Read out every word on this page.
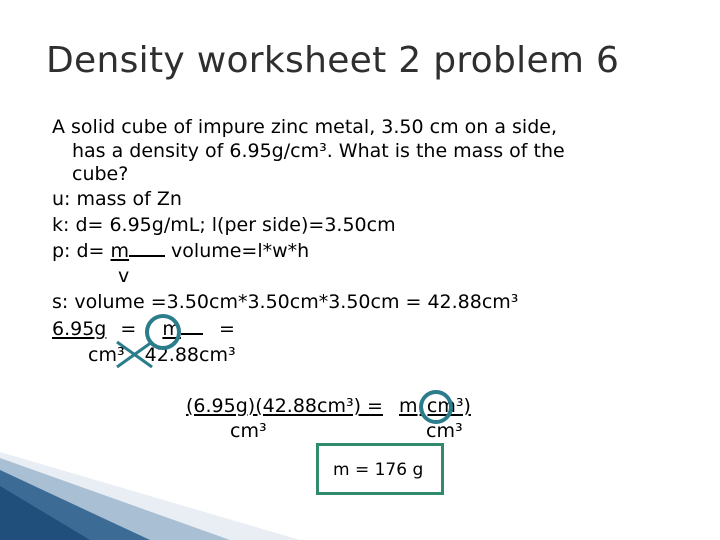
Density worksheet 2 problem 6
A solid cube of impure zinc metal, 3.50 cm on a side,
has a density of 6.95g/cm³. What is the mass of the
cube?
u: mass of Zn
k: d= 6.95g/mL; l(per side)=3.50cm
p: d= m volume=l*w*h
v
s: volume =3.50cm*3.50cm*3.50cm = 42.88cm³
6.95g = m =
cm³ 42.88cm³
(6.95g)(42.88cm³) = m (cm³)
cm³	cm³
m = 176 g
